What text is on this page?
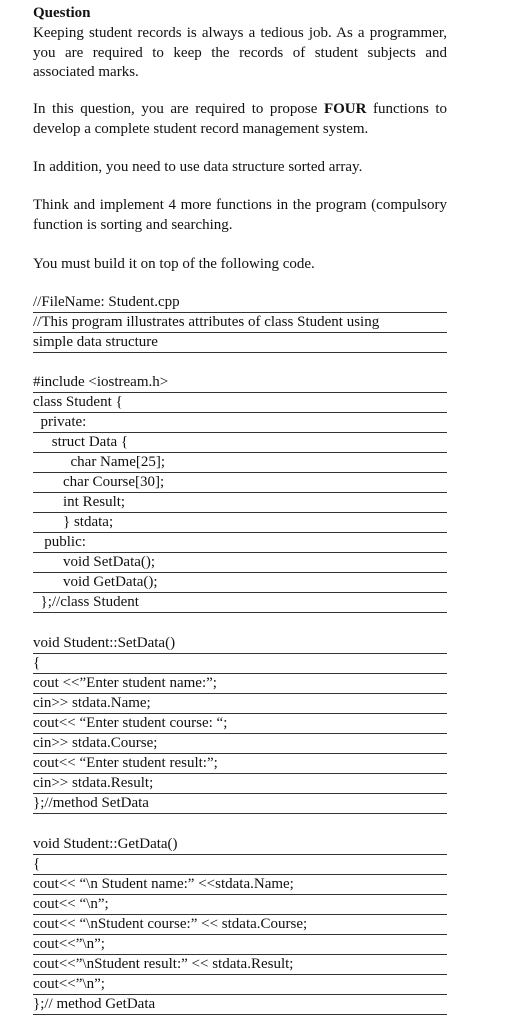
Question
Keeping student records is always a tedious job. As a programmer, you are required to keep the records of student subjects and associated marks.
In this question, you are required to propose FOUR functions to develop a complete student record management system.
In addition, you need to use data structure sorted array.
Think and implement 4 more functions in the program (compulsory function is sorting and searching.
You must build it on top of the following code.
//FileName: Student.cpp
//This program illustrates attributes of class Student using
simple data structure
#include <iostream.h>
class Student {
private:
struct Data {
char Name[25];
char Course[30];
int Result;
} stdata;
public:
void SetData();
void GetData();
};//class Student
void Student::SetData()
{
cout <<”Enter student name:”;
cin>> stdata.Name;
cout<< “Enter student course: “;
cin>> stdata.Course;
cout<< “Enter student result:”;
cin>> stdata.Result;
};//method SetData
void Student::GetData()
{
cout<< “\n Student name:” <<stdata.Name;
cout<< “\n”;
cout<< “\nStudent course:” << stdata.Course;
cout<<”\n”;
cout<<”\nStudent result:” << stdata.Result;
cout<<”\n”;
};// method GetData
